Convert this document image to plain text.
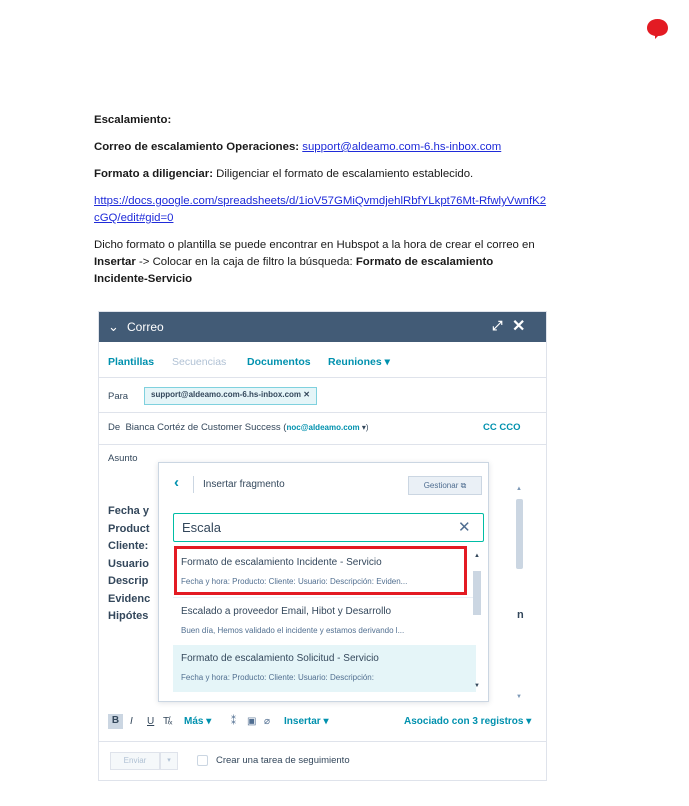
Escalamiento:

Correo de escalamiento Operaciones: support@aldeamo.com-6.hs-inbox.com

Formato a diligenciar: Diligenciar el formato de escalamiento establecido.

https://docs.google.com/spreadsheets/d/1ioV57GMiQvmdjehlRbfYLkpt76Mt-RfwlyVwnfK2

cGQ/edit#gid=0

Dicho formato o plantilla se puede encontrar en Hubspot a la hora de crear el correo en

Insertar -> Colocar en la caja de filtro la búsqueda: Formato de escalamiento

Incidente-Servicio

⌄ Correo	⤢ ✕
Plantillas Secuencias Documentos Reuniones ▾
Para	support@aldeamo.com-6.hs-inbox.com ✕
De Bianca Cortéz de Customer Success (noc@aldeamo.com ▾)	CC CCO
Asunto
Fecha y
Product
Cliente:
Usuario
Descrip
Evidenc
Hipótes	n
▲
▼
B	I U T̸ₓ Más ▾ ⁑ ▣ ⌀ Insertar ▾	Asociado con 3 registros ▾
Enviar	▾	Crear una tarea de seguimiento
‹ Insertar fragmento	Gestionar ⧉
Escala	✕
Formato de escalamiento Incidente - Servicio
Fecha y hora: Producto: Cliente: Usuario: Descripción: Eviden...
Escalado a proveedor Email, Hibot y Desarrollo
Buen día, Hemos validado el incidente y estamos derivando l...
Formato de escalamiento Solicitud - Servicio
Fecha y hora: Producto: Cliente: Usuario: Descripción:
▲
▼
